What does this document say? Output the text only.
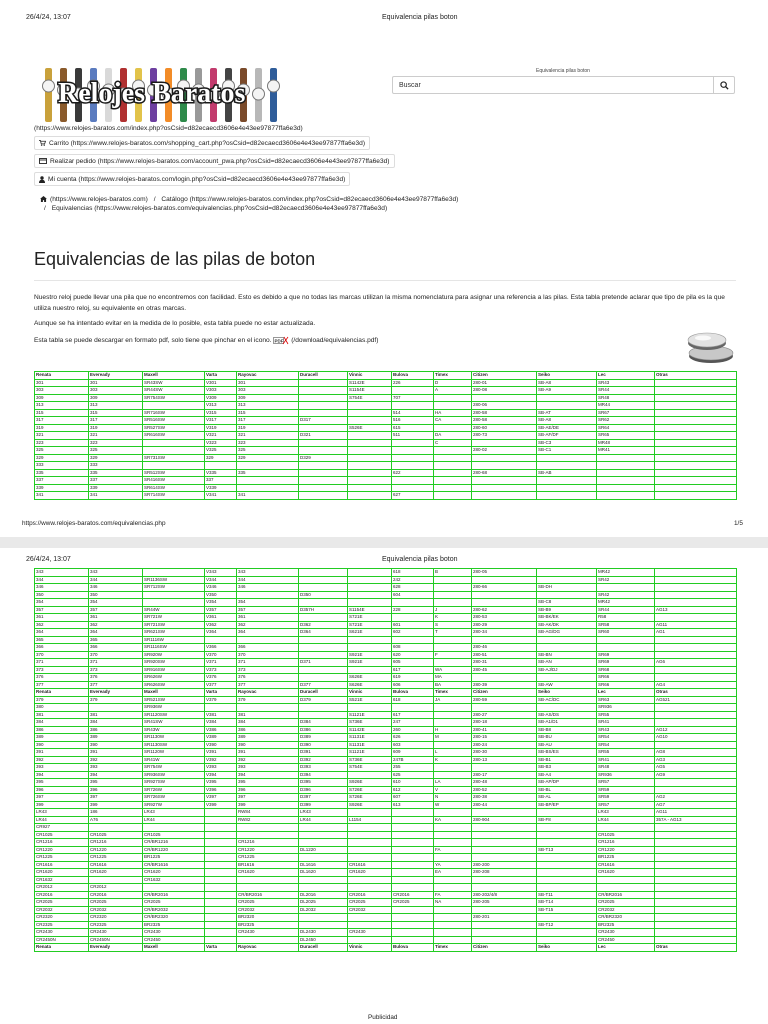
26/4/24, 13:07	Equivalencia pilas boton
Relojes Baratos
(https://www.relojes-baratos.com/index.php?osCsid=d82ecaecd3606e4e43ee97877ffa6e3d)
Equivalencia pilas boton
Buscar
Carrito (https://www.relojes-baratos.com/shopping_cart.php?osCsid=d82ecaecd3606e4e43ee97877ffa6e3d)
Realizar pedido (https://www.relojes-baratos.com/account_pwa.php?osCsid=d82ecaecd3606e4e43ee97877ffa6e3d)
Mi cuenta (https://www.relojes-baratos.com/login.php?osCsid=d82ecaecd3606e4e43ee97877ffa6e3d)
(https://www.relojes-baratos.com) / Catálogo (https://www.relojes-baratos.com/index.php?osCsid=d82ecaecd3606e4e43ee97877ffa6e3d)
/ Equivalencias (https://www.relojes-baratos.com/equivalencias.php?osCsid=d82ecaecd3606e4e43ee97877ffa6e3d)
Equivalencias de las pilas de boton
Nuestro reloj puede llevar una pila que no encontremos con facilidad. Esto es debido a que no todas las marcas utilizan la misma nomenclatura para asignar una referencia a las pilas. Esta tabla pretende aclarar que tipo de pila es la que utiliza nuestro reloj, su equivalente en otras marcas.
Aunque se ha intentado evitar en la medida de lo posible, esta tabla puede no estar actualizada.
Esta tabla se puede descargar en formato pdf, solo tiene que pinchar en el icono. PDF (/download/equivalencias.pdf)
Renata	Eveready	Maxell	Varta	Rayovac	Duracell	Vinnic	Bulova	Timex	Citizen	Seiko	Lec	Otras
301	301	SR43SW	V301	301		S1142E	226	D	280-01	SB-A8	SR43	
303	303	SR44SW	V303	303		S1154E		A	280-08	SB-A9	SR44	
309	309	SR754SW	V309	309		S754E	707				SR48	
313	313		V313	313					280-06		MR44	
315	315	SR716SW	V315	315			514	HA	280-58	SB-AT	SR67	
317	317	SR516SW	V317	317	D317		516	CA	280-58	SB-A8	SR62	
319	319	SR527SW	V319	319		S526E	615		280-60	SB-AE/DE	SR64	
321	321	SR616SW	V321	321	D321		511	DA	280-73	SB-AF/DF	SR65	
323	323		V323	323				C		SB-C3	MR48	
325	325		V325	325					280-02	SB-C1	MR41	
329	329	SR731SW	329	329	D329							
333	333											
335	335	SR512SW	V335	335			622		280-68	SB-AB		
337	337	SR416SW	337									
339	339	SR614SW	V339									
341	341	SR714SW	V341	341			627					
https://www.relojes-baratos.com/equivalencias.php	1/5
26/4/24, 13:07	Equivalencia pilas boton
343	343		V343	343			618	B	280-05		MR42	
344	344	SR1136SW	V344	344			242				SR42	
346	346	SR712SW	V346	346			628		280-66	SB-DH		
350	350		V350		D350		604				SR42	
354	354		V354	354						SB-C8	MR42	
357	357	SR44W	V357	357	D357H	S1154E	228	J	280-62	SB-B9	SR44	AG13
361	361	SR721W	V361	361		S721E		K	280-53	SB-BK/EK	R58	
362	362	SR721SW	V362	362	D362	S721E	601	S	280-29	SB-AK/DK	SR58	AG11
364	364	SR621SW	V364	364	D364	S621E	602	T	280-34	SB-AG/DG	SR60	AG1
365	365	SR1116W										
366	366	SR1116SW	V366	366			608		280-46			
370	370	SR920W	V370	370		S921E	620	F	280-51	SB-BN	SR69	
371	371	SR920SW	V371	371	D371	S921E	605		280-31	SB-AN	SR69	AG6
373	373	SR916SW	V373	373			617	WA	280-45	SB-AJ/DJ	SR68	
376	376	SR626W	V376	376		S626E	619	MA			SR66	
377	377	SR626SW	V377	377	D377	S626E	606	BA	280-39	SB-AW	SR66	AG4
Renata	Eveready	Maxell	Varta	Rayovac	Duracell	Vinnic	Bulova	Timex	Citizen	Seiko	Lec	Otras
379	379	SR521SW	V379	379	D379	S521E	618	JA	280-59	SB-AC/DC	SR63	AG521
380		SR936W									SR936	
381	381	SR1120SW	V381	381		S1121E	617		280-27	SB-AS/DS	SR55	
384	384	SR41SW	V384	384	D384	S736E	247		280-18	SB-A1/D1	SR41	
386	386	SR43W	V386	386	D386	S1142E	260	H	280-41	SB-B8	SR43	AG12
389	389	SR1130W	V389	389	D389	S1131E	626	M	280-15	SB-BU	SR54	AG10
390	390	SR1130SW	V390	390	D390	S1131E	603		280-24	SB-AU	SR54	
391	391	SR1120W	V391	391	D391	S1121E	609	L	280-30	SB-BS/ES	SR55	AG8
392	392	SR41W	V392	392	D392	S736E	247B	K	280-13	SB-B1	SR41	AG3
393	393	SR754W	V393	393	D393	S754E	255			SB-B3	SR48	AG5
394	394	SR936SW	V394	394	D394		625		280-17	SB-A4	SR936	AG9
395	395	SR927SW	V395	395	D395	S926E	610	LA	280-48	SB-AP/DP	SR57	
396	396	SR726W	V396	396	D396	S726E	612	V	280-52	SB-BL	SR59	
397	397	SR726SW	V397	397	D397	S726E	607	N	280-38	SB-AL	SR59	AG2
399	399	SR927W	V399	399	D399	S926E	613	W	280-44	SB-BP/EP	SR57	AG7
LR43	186	LR43		RW84	LR43						LR43	AG11
LR44	A76	LR44		RW82	LR44	L1154		KA	280-904	SB-F8	LR44	357A - AG13
CR927												
CR1025	CR1025	CR1025									CR1025	
CR1216	CR1216	CR/BR1216		CR1216							CR1216	
CR1220	CR1220	CR/BR1220		CR1220	DL1220			FA		SB-T13	CR1220	
CR1225	CR1225	BR1225		CR1225							BR1225	
CR1616	CR1616	CR/BR1616		BR1616	DL1616	CR1616		YA	280-200		CR1616	
CR1620	CR1620	CR1620		CR1620	DL1620	CR1620		EA	280-208		CR1620	
CR1632		CR1632										
CR2012	CR2012											
CR2016	CR2016	CR/BR2016		CR/BR2016	DL2016	CR2016	CR2016	FA	280-202/4/8	SB-T11	CR/BR2016	
CR2025	CR2025	CR2025		CR2025	DL2025	CR2025	CR2025	NA	280-205	SB-T14	CR2025	
CR2032	CR2032	CR/BR2032		CR2032	DL2032	CR2032				SB-T15	CR2032	
CR2320	CR2320	CR/BR2320		BR2320					280-201		CR/BR2320	
CR2325	CR2325	BR2325		BR2325						SB-T12	BR2325	
CR2430	CR2430	CR2430		CR2430	DL2430	CR2430					CR2430	
CR2450N	CR2450N	CR2450			DL2450						CR2450	
Renata	Eveready	Maxell	Varta	Rayovac	Duracell	Vinnic	Bulova	Timex	Citizen	Seiko	Lec	Otras
Publicidad
